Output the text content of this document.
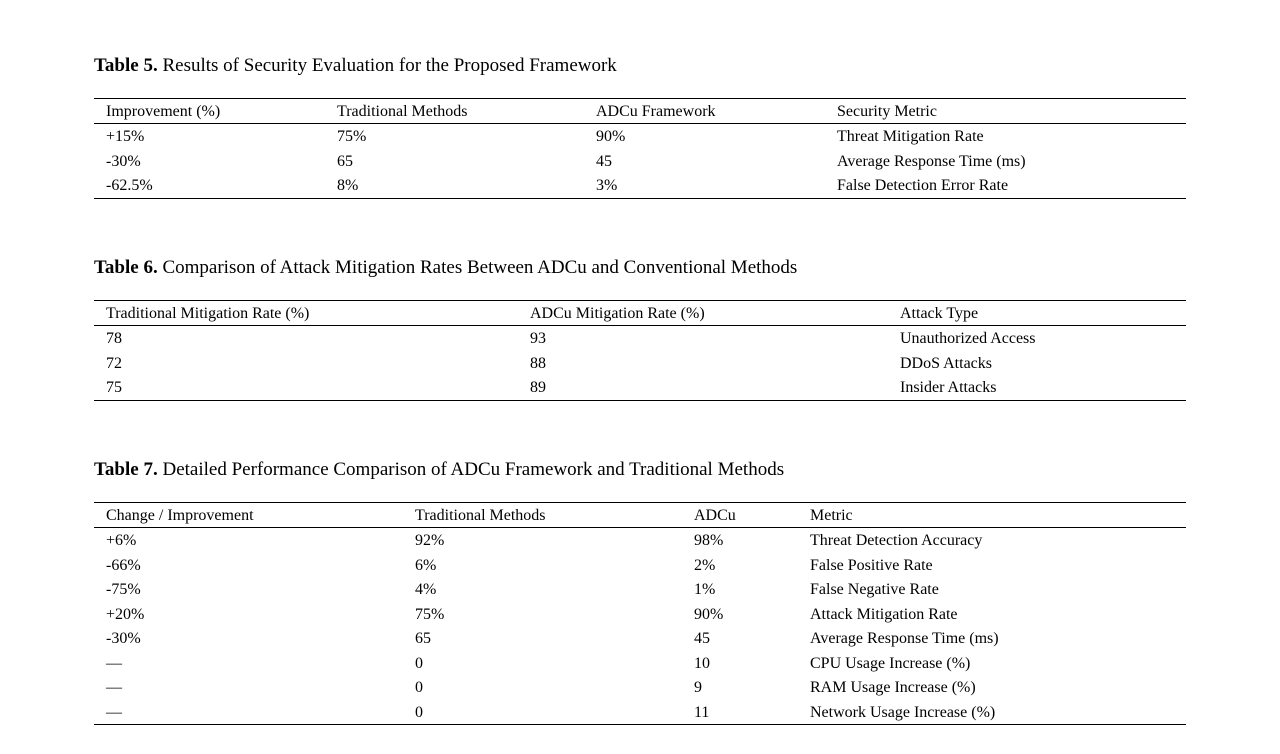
Table 5. Results of Security Evaluation for the Proposed Framework
Improvement (%)	Traditional Methods	ADCu Framework	Security Metric
+15%	75%	90%	Threat Mitigation Rate
-30%	65	45	Average Response Time (ms)
-62.5%	8%	3%	False Detection Error Rate
Table 6. Comparison of Attack Mitigation Rates Between ADCu and Conventional Methods
Traditional Mitigation Rate (%)	ADCu Mitigation Rate (%)	Attack Type
78	93	Unauthorized Access
72	88	DDoS Attacks
75	89	Insider Attacks
Table 7. Detailed Performance Comparison of ADCu Framework and Traditional Methods
Change / Improvement	Traditional Methods	ADCu	Metric
+6%	92%	98%	Threat Detection Accuracy
-66%	6%	2%	False Positive Rate
-75%	4%	1%	False Negative Rate
+20%	75%	90%	Attack Mitigation Rate
-30%	65	45	Average Response Time (ms)
—	0	10	CPU Usage Increase (%)
—	0	9	RAM Usage Increase (%)
—	0	11	Network Usage Increase (%)
